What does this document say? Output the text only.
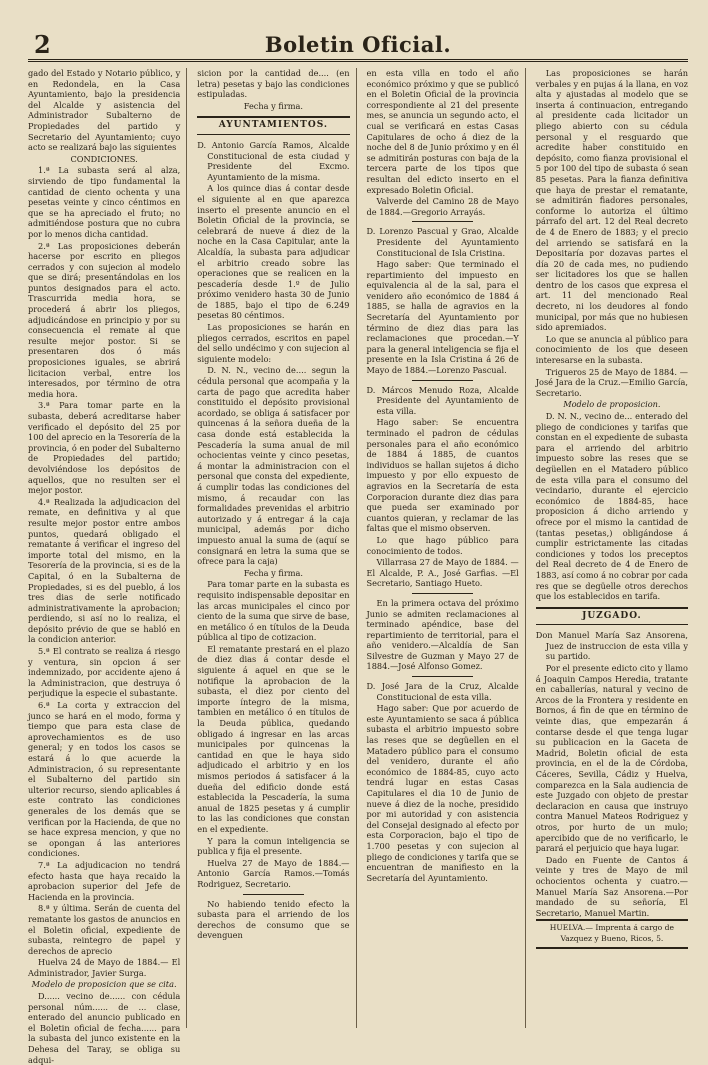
2	Boletin Oficial.

gado del Estado y Notario público, y en Redondela, en la Casa Ayuntamiento, bajo la presidencia del Alcalde y asistencia del Administrador Subalterno de Propiedades del partido y Secretario del Ayuntamiento; cuyo acto se realizará bajo las siguientes

CONDICIONES.

1.ª La subasta será al alza, sirviendo de tipo fundamental la cantidad de ciento ochenta y una pesetas veinte y cinco céntimos en que se ha apreciado el fruto; no admitiéndose postura que no cubra por lo menos dicha cantidad.

2.ª Las proposiciones deberán hacerse por escrito en pliegos cerrados y con sujecion al modelo que se dirá; presentándolas en los puntos designados para el acto. Trascurrida media hora, se procederá á abrir los pliegos, adjudicándose en principio y por su consecuencia el remate al que resulte mejor postor. Si se presentaren dos ó más proposiciones iguales, se abrirá licitacion verbal, entre los interesados, por término de otra media hora.

3.ª Para tomar parte en la subasta, deberá acreditarse haber verificado el depósito del 25 por 100 del aprecio en la Tesorería de la provincia, ó en poder del Subalterno de Propiedades del partido; devolviéndose los depósitos de aquellos, que no resulten ser el mejor postor.

4.ª Realizada la adjudicacion del remate, en definitiva y al que resulte mejor postor entre ambos puntos, quedará obligado el rematante á verificar el ingreso del importe total del mismo, en la Tesorería de la provincia, si es de la Capital, ó en la Subalterna de Propiedades, si es del pueblo, á los tres dias de serle notificado administrativamente la aprobacion; perdiendo, si así no lo realiza, el depósito prévio de que se habló en la condicion anterior.

5.ª El contrato se realiza á riesgo y ventura, sin opcion á ser indemnizado, por accidente ajeno á la Administracion, que destruya ó perjudique la especie el subastante.

6.ª La corta y extraccion del junco se hará en el modo, forma y tiempo que para esta clase de aprovechamientos es de uso general; y en todos los casos se estará á lo que acuerde la Administracion, ó su representante el Subalterno del partido sin ulterior recurso, siendo aplicables á este contrato las condiciones generales de los demás que se verifican por la Hacienda, de que no se hace expresa mencion, y que no se opongan á las anteriores condiciones.

7.ª La adjudicacion no tendrá efecto hasta que haya recaido la aprobacion superior del Jefe de Hacienda en la provincia.

8.ª y última. Serán de cuenta del rematante los gastos de anuncios en el Boletin oficial, expediente de subasta, reintegro de papel y derechos de aprecio

Huelva 24 de Mayo de 1884.— El Administrador, Javier Surga.

Modelo de proposicion que se cita.

D...... vecino de...... con cédula personal núm...... de ... clase, enterado del anuncio publicado en el Boletin oficial de fecha...... para la subasta del junco existente en la Dehesa del Taray, se obliga su adqui-

sicion por la cantidad de.... (en letra) pesetas y bajo las condiciones estipuladas.

Fecha y firma.

AYUNTAMIENTOS.

D. Antonio García Ramos, Alcalde Constitucional de esta ciudad y Presidente del Excmo. Ayuntamiento de la misma.

A los quince dias á contar desde el siguiente al en que aparezca inserto el presente anuncio en el Boletin Oficial de la provincia, se celebrará de nueve á diez de la noche en la Casa Capitular, ante la Alcaldía, la subasta para adjudicar el arbitrio creado sobre las operaciones que se realicen en la pescadería desde 1.º de Julio próximo venidero hasta 30 de Junio de 1885, bajo el tipo de 6.249 pesetas 80 céntimos.

Las proposiciones se harán en pliegos cerrados, escritos en papel del sello undécimo y con sujecion al siguiente modelo:

D. N. N., vecino de.... segun la cédula personal que acompaña y la carta de pago que acredita haber constituido el depósito provisional acordado, se obliga á satisfacer por quincenas á la señora dueña de la casa donde está establecida la Pescadería la suma anual de mil ochocientas veinte y cinco pesetas, á montar la administracion con el personal que consta del expediente, á cumplir todas las condiciones del mismo, á recaudar con las formalidades prevenidas el arbitrio autorizado y á entregar á la caja municipal, además por dicho impuesto anual la suma de (aquí se consignará en letra la suma que se ofrece para la caja)

Fecha y firma.

Para tomar parte en la subasta es requisito indispensable depositar en las arcas municipales el cinco por ciento de la suma que sirve de base, en metálico ó en títulos de la Deuda pública al tipo de cotizacion.

El rematante prestará en el plazo de diez dias á contar desde el siguiente á aquel en que se le notifique la aprobacion de la subasta, el diez por ciento del importe íntegro de la misma, tambien en metálico ó en títulos de la Deuda pública, quedando obligado á ingresar en las arcas municipales por quincenas la cantidad en que le haya sido adjudicado el arbitrio y en los mismos periodos á satisfacer á la dueña del edificio donde está establecida la Pescadería, la suma anual de 1825 pesetas y á cumplir to las las condiciones que constan en el expediente.

Y para la comun inteligencia se publica y fija el presente.

Huelva 27 de Mayo de 1884.— Antonio García Ramos.—Tomás Rodriguez, Secretario.

No habiendo tenido efecto la subasta para el arriendo de los derechos de consumo que se devenguen

en esta villa en todo el año económico próximo y que se publicó en el Boletin Oficial de la provincia correspondiente al 21 del presente mes, se anuncia un segundo acto, el cual se verificará en estas Casas Capitulares de ocho á diez de la noche del 8 de Junio próximo y en él se admitirán posturas con baja de la tercera parte de los tipos que resultan del edicto inserto en el expresado Boletin Oficial.

Valverde del Camino 28 de Mayo de 1884.—Gregorio Arrayás.

D. Lorenzo Pascual y Grao, Alcalde Presidente del Ayuntamiento Constitucional de Isla Cristina.

Hago saber: Que terminado el repartimiento del impuesto en equivalencia al de la sal, para el venidero año económico de 1884 á 1885, se halla de agravios en la Secretaría del Ayuntamiento por término de diez dias para las reclamaciones que procedan.—Y para la general inteligencia se fija el presente en la Isla Cristina á 26 de Mayo de 1884.—Lorenzo Pascual.

D. Márcos Menudo Roza, Alcalde Presidente del Ayuntamiento de esta villa.

Hago saber: Se encuentra terminado el padron de cédulas personales para el año económico de 1884 á 1885, de cuantos individuos se hallan sujetos á dicho impuesto y por ello expuesto de agravios en la Secretaría de esta Corporacion durante diez dias para que pueda ser examinado por cuantos quieran, y reclamar de las faltas que el mismo observen.

Lo que hago público para conocimiento de todos.

Villarrasa 27 de Mayo de 1884. —El Alcalde, P. A., José Garfias. —El Secretario, Santiago Hueto.

En la primera octava del próximo Junio se admiten reclamaciones al terminado apéndice, base del repartimiento de territorial, para el año venidero.—Alcaldía de San Silvestre de Guzman y Mayo 27 de 1884.—José Alfonso Gomez.

D. José Jara de la Cruz, Alcalde Constitucional de esta villa.

Hago saber: Que por acuerdo de este Ayuntamiento se saca á pública subasta el arbitrio impuesto sobre las reses que se degüellen en el Matadero público para el consumo del venidero, durante el año económico de 1884-85, cuyo acto tendrá lugar en estas Casas Capitulares el dia 10 de Junio de nueve á diez de la noche, presidido por mi autoridad y con asistencia del Consejal designado al efecto por esta Corporacion, bajo el tipo de 1.700 pesetas y con sujecion al pliego de condiciones y tarifa que se encuentran de manifiesto en la Secretaría del Ayuntamiento.

Las proposiciones se harán verbales y en pujas á la llana, en voz alta y ajustadas al modelo que se inserta á continuacion, entregando al presidente cada licitador un pliego abierto con su cédula personal y el resguardo que acredite haber constituido en depósito, como fianza provisional el 5 por 100 del tipo de subasta ó sean 85 pesetas. Para la fianza definitiva que haya de prestar el rematante, se admitirán fiadores personales, conforme lo autoriza el último párrafo del art. 12 del Real decreto de 4 de Enero de 1883; y el precio del arriendo se satisfará en la Depositaría por dozavas partes el día 20 de cada mes, no pudiendo ser licitadores los que se hallen dentro de los casos que expresa el art. 11 del mencionado Real decreto, ni los deudores al fondo municipal, por más que no hubiesen sido apremiados.

Lo que se anuncia al público para conocimiento de los que deseen interesarse en la subasta.

Trigueros 25 de Mayo de 1884. —José Jara de la Cruz.—Emilio García, Secretario.

Modelo de proposicion.

D. N. N., vecino de... enterado del pliego de condiciones y tarifas que constan en el expediente de subasta para el arriendo del arbitrio impuesto sobre las reses que se degüellen en el Matadero público de esta villa para el consumo del vecindario, durante el ejercicio económico de 1884-85, hace proposicion á dicho arriendo y ofrece por el mismo la cantidad de (tantas pesetas,) obligándose á cumplir estrictamente las citadas condiciones y todos los preceptos del Real decreto de 4 de Enero de 1883, así como á no cobrar por cada res que se degüelle otros derechos que los establecidos en tarifa.

JUZGADO.

Don Manuel María Saz Ansorena, Juez de instruccion de esta villa y su partido.

Por el presente edicto cito y llamo á Joaquin Campos Heredia, tratante en caballerías, natural y vecino de Arcos de la Frontera y residente en Bornos, á fin de que en término de veinte dias, que empezarán á contarse desde el que tenga lugar su publicacion en la Gaceta de Madrid, Boletin oficial de esta provincia, en el de la de Córdoba, Cáceres, Sevilla, Cádiz y Huelva, comparezca en la Sala audiencia de este Juzgado con objeto de prestar declaracion en causa que instruyo contra Manuel Mateos Rodriguez y otros, por hurto de un mulo; apercibido que de no verificarlo, le parará el perjuicio que haya lugar.

Dado en Fuente de Cantos á veinte y tres de Mayo de mil ochocientos ochenta y cuatro.—Manuel María Saz Ansorena.—Por mandado de su señoría, El Secretario, Manuel Martin.

HUELVA.— Imprenta á cargo de Vazquez y Bueno, Ricos, 5.
